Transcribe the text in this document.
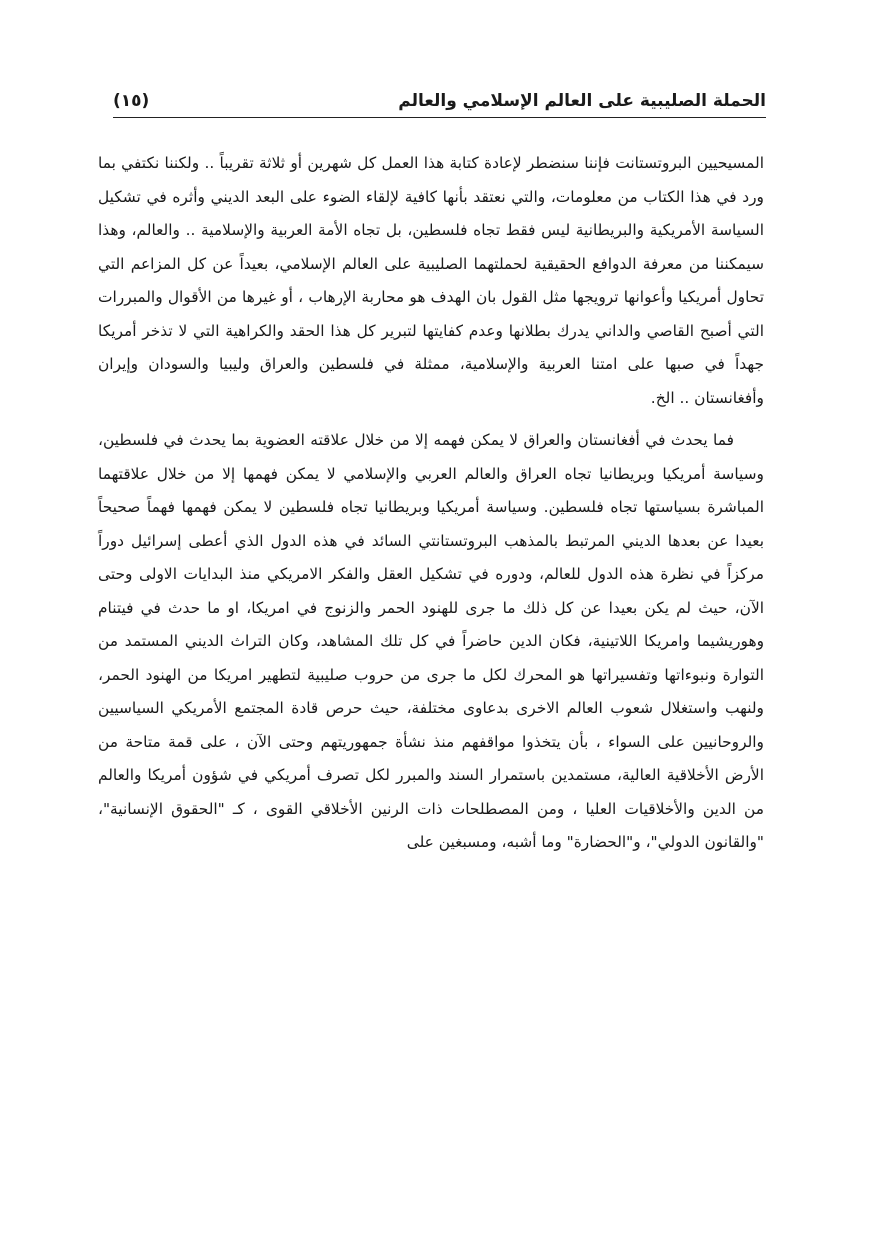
الحملة الصليبية على العالم الإسلامي والعالم
(١٥)

المسيحيين البروتستانت فإننا سنضطر لإعادة كتابة هذا العمل كل شهرين أو ثلاثة تقريباً .. ولكننا نكتفي بما ورد في هذا الكتاب من معلومات، والتي نعتقد بأنها كافية لإلقاء الضوء على البعد الديني وأثره في تشكيل السياسة الأمريكية والبريطانية ليس فقط تجاه فلسطين، بل تجاه الأمة العربية والإسلامية .. والعالم، وهذا سيمكننا من معرفة الدوافع الحقيقية لحملتهما الصليبية على العالم الإسلامي، بعيداً عن كل المزاعم التي تحاول أمريكيا وأعوانها ترويجها مثل القول بان الهدف هو محاربة الإرهاب ، أو غيرها من الأقوال والمبررات التي أصبح القاصي والداني يدرك بطلانها وعدم كفايتها لتبرير كل هذا الحقد والكراهية التي لا تذخر أمريكا جهداً في صبها على امتنا العربية والإسلامية، ممثلة في فلسطين والعراق وليبيا والسودان وإيران وأفغانستان .. الخ.

فما يحدث في أفغانستان والعراق لا يمكن فهمه إلا من خلال علاقته العضوية بما يحدث في فلسطين، وسياسة أمريكيا وبريطانيا تجاه العراق والعالم العربي والإسلامي لا يمكن فهمها إلا من خلال علاقتهما المباشرة بسياستها تجاه فلسطين. وسياسة أمريكيا وبريطانيا تجاه فلسطين لا يمكن فهمها فهماً صحيحاً بعيدا عن بعدها الديني المرتبط بالمذهب البروتستانتي السائد في هذه الدول الذي أعطى إسرائيل دوراً مركزاً في نظرة هذه الدول للعالم، ودوره في تشكيل العقل والفكر الامريكي منذ البدايات الاولى وحتى الآن، حيث لم يكن بعيدا عن كل ذلك ما جرى للهنود الحمر والزنوج في امريكا، او ما حدث في فيتنام وهوريشيما وامريكا اللاتينية، فكان الدين حاضراً في كل تلك المشاهد، وكان التراث الديني المستمد من التوارة ونبوءاتها وتفسيراتها هو المحرك لكل ما جرى من حروب صليبية لتطهير امريكا من الهنود الحمر، ولنهب واستغلال شعوب العالم الاخرى بدعاوى مختلفة، حيث حرص قادة المجتمع الأمريكي السياسيين والروحانيين على السواء ، بأن يتخذوا مواقفهم منذ نشأة جمهوريتهم وحتى الآن ، على قمة متاحة من الأرض الأخلاقية العالية، مستمدين باستمرار السند والمبرر لكل تصرف أمريكي في شؤون أمريكا والعالم من الدين والأخلاقيات العليا ، ومن المصطلحات ذات الرنين الأخلاقي القوى ، كـ "الحقوق الإنسانية"، "والقانون الدولي"، و"الحضارة" وما أشبه، ومسبغين على
